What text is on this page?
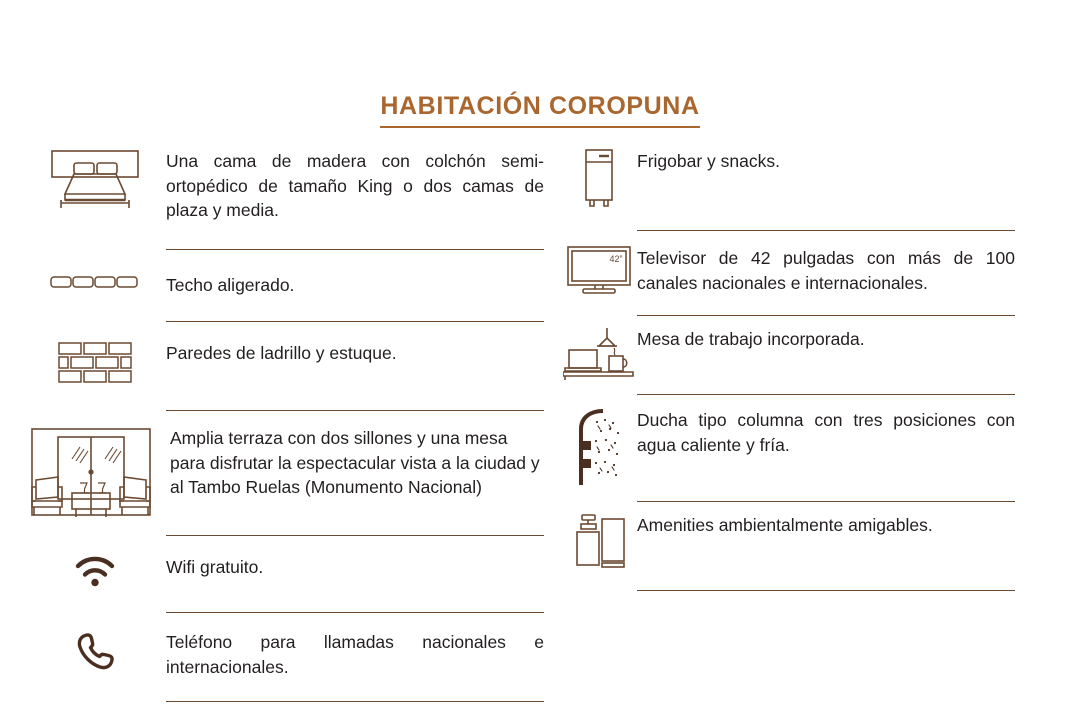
HABITACIÓN COROPUNA
Una cama de madera con colchón semi-ortopédico de tamaño King o dos camas de plaza y media.
Techo aligerado.
Paredes de ladrillo y estuque.
Amplia terraza con dos sillones y una mesa para disfrutar la espectacular vista a la ciudad y al Tambo Ruelas (Monumento Nacional)
Wifi gratuito.
Teléfono para llamadas nacionales e internacionales.
Frigobar y snacks.
42” Televisor de 42 pulgadas con más de 100 canales nacionales e internacionales.
Mesa de trabajo incorporada.
Ducha tipo columna con tres posiciones con agua caliente y fría.
Amenities ambientalmente amigables.
